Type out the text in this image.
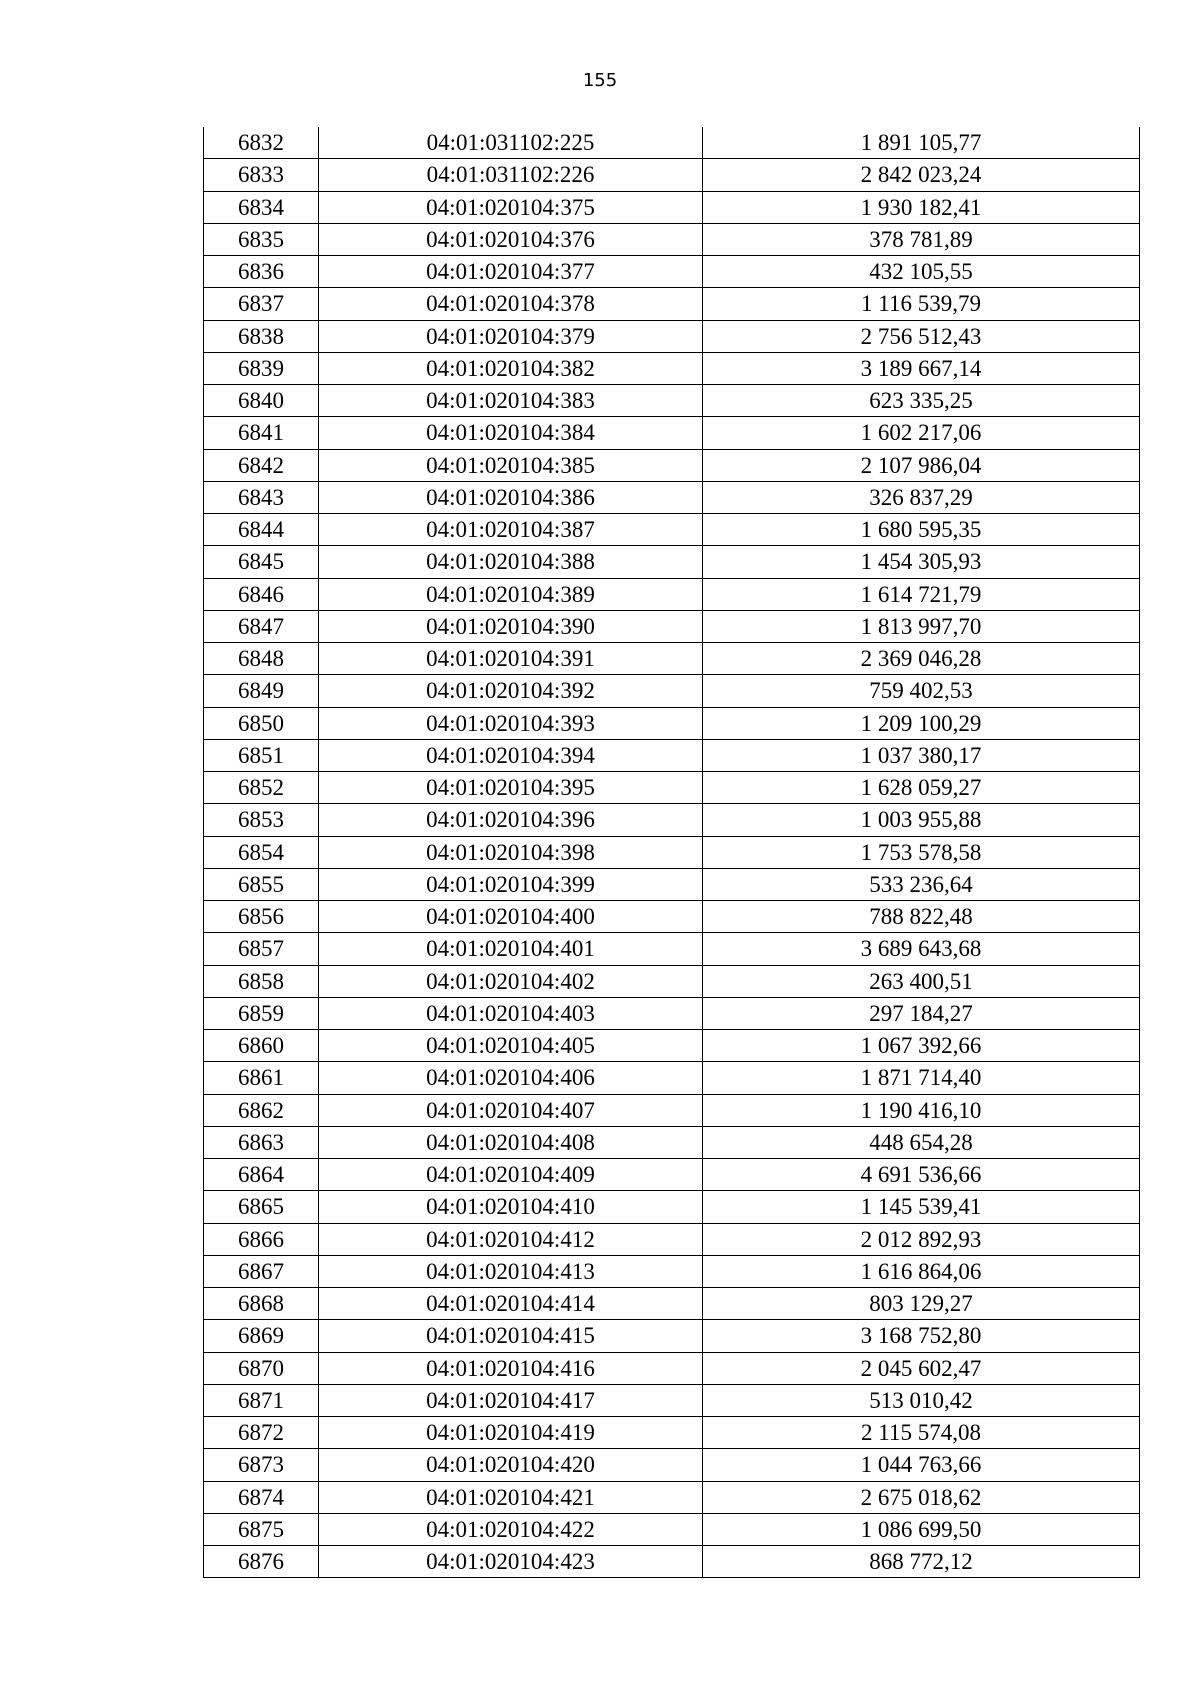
155
6832	04:01:031102:225	1 891 105,77
6833	04:01:031102:226	2 842 023,24
6834	04:01:020104:375	1 930 182,41
6835	04:01:020104:376	378 781,89
6836	04:01:020104:377	432 105,55
6837	04:01:020104:378	1 116 539,79
6838	04:01:020104:379	2 756 512,43
6839	04:01:020104:382	3 189 667,14
6840	04:01:020104:383	623 335,25
6841	04:01:020104:384	1 602 217,06
6842	04:01:020104:385	2 107 986,04
6843	04:01:020104:386	326 837,29
6844	04:01:020104:387	1 680 595,35
6845	04:01:020104:388	1 454 305,93
6846	04:01:020104:389	1 614 721,79
6847	04:01:020104:390	1 813 997,70
6848	04:01:020104:391	2 369 046,28
6849	04:01:020104:392	759 402,53
6850	04:01:020104:393	1 209 100,29
6851	04:01:020104:394	1 037 380,17
6852	04:01:020104:395	1 628 059,27
6853	04:01:020104:396	1 003 955,88
6854	04:01:020104:398	1 753 578,58
6855	04:01:020104:399	533 236,64
6856	04:01:020104:400	788 822,48
6857	04:01:020104:401	3 689 643,68
6858	04:01:020104:402	263 400,51
6859	04:01:020104:403	297 184,27
6860	04:01:020104:405	1 067 392,66
6861	04:01:020104:406	1 871 714,40
6862	04:01:020104:407	1 190 416,10
6863	04:01:020104:408	448 654,28
6864	04:01:020104:409	4 691 536,66
6865	04:01:020104:410	1 145 539,41
6866	04:01:020104:412	2 012 892,93
6867	04:01:020104:413	1 616 864,06
6868	04:01:020104:414	803 129,27
6869	04:01:020104:415	3 168 752,80
6870	04:01:020104:416	2 045 602,47
6871	04:01:020104:417	513 010,42
6872	04:01:020104:419	2 115 574,08
6873	04:01:020104:420	1 044 763,66
6874	04:01:020104:421	2 675 018,62
6875	04:01:020104:422	1 086 699,50
6876	04:01:020104:423	868 772,12
